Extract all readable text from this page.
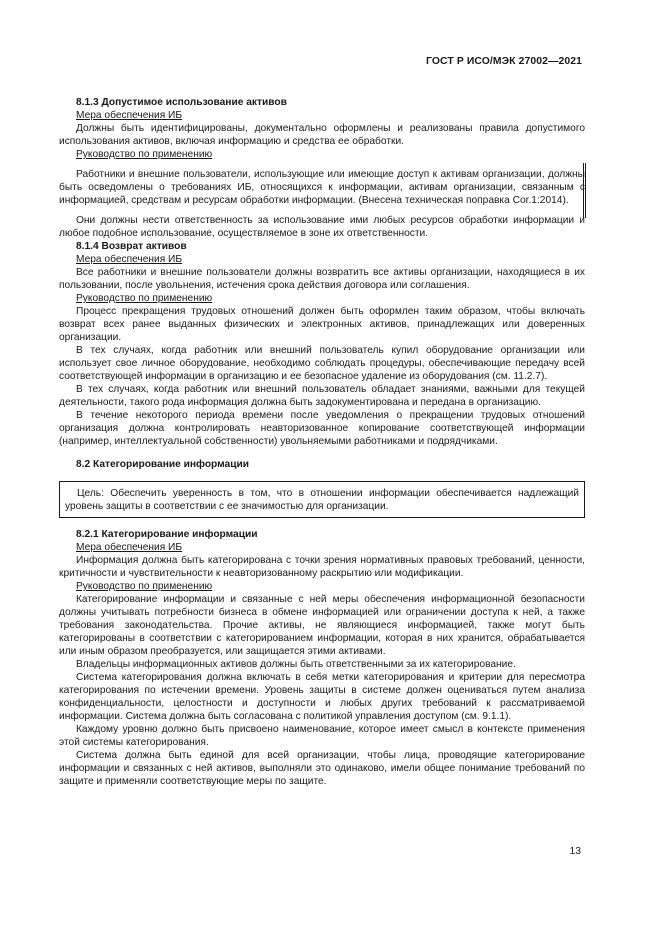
ГОСТ Р ИСО/МЭК 27002—2021

8.1.3 Допустимое использование активов

Мера обеспечения ИБ

Должны быть идентифицированы, документально оформлены и реализованы правила допустимого использования активов, включая информацию и средства ее обработки.

Руководство по применению

Работники и внешние пользователи, использующие или имеющие доступ к активам организации, должны быть осведомлены о требованиях ИБ, относящихся к информации, активам организации, связанным с информацией, средствам и ресурсам обработки информации. (Внесена техническая поправка Cor.1:2014).

Они должны нести ответственность за использование ими любых ресурсов обработки информации и любое подобное использование, осуществляемое в зоне их ответственности.

8.1.4 Возврат активов

Мера обеспечения ИБ

Все работники и внешние пользователи должны возвратить все активы организации, находящиеся в их пользовании, после увольнения, истечения срока действия договора или соглашения.

Руководство по применению

Процесс прекращения трудовых отношений должен быть оформлен таким образом, чтобы включать возврат всех ранее выданных физических и электронных активов, принадлежащих или доверенных организации.

В тех случаях, когда работник или внешний пользователь купил оборудование организации или использует свое личное оборудование, необходимо соблюдать процедуры, обеспечивающие передачу всей соответствующей информации в организацию и ее безопасное удаление из оборудования (см. 11.2.7).

В тех случаях, когда работник или внешний пользователь обладает знаниями, важными для текущей деятельности, такого рода информация должна быть задокументирована и передана в организацию.

В течение некоторого периода времени после уведомления о прекращении трудовых отношений организация должна контролировать неавторизованное копирование соответствующей информации (например, интеллектуальной собственности) увольняемыми работниками и подрядчиками.

8.2 Категорирование информации

Цель: Обеспечить уверенность в том, что в отношении информации обеспечивается надлежащий уровень защиты в соответствии с ее значимостью для организации.

8.2.1 Категорирование информации

Мера обеспечения ИБ

Информация должна быть категорирована с точки зрения нормативных правовых требований, ценности, критичности и чувствительности к неавторизованному раскрытию или модификации.

Руководство по применению

Категорирование информации и связанные с ней меры обеспечения информационной безопасности должны учитывать потребности бизнеса в обмене информацией или ограничении доступа к ней, а также требования законодательства. Прочие активы, не являющиеся информацией, также могут быть категорированы в соответствии с категорированием информации, которая в них хранится, обрабатывается или иным образом преобразуется, или защищается этими активами.

Владельцы информационных активов должны быть ответственными за их категорирование.

Система категорирования должна включать в себя метки категорирования и критерии для пересмотра категорирования по истечении времени. Уровень защиты в системе должен оцениваться путем анализа конфиденциальности, целостности и доступности и любых других требований к рассматриваемой информации. Система должна быть согласована с политикой управления доступом (см. 9.1.1).

Каждому уровню должно быть присвоено наименование, которое имеет смысл в контексте применения этой системы категорирования.

Система должна быть единой для всей организации, чтобы лица, проводящие категорирование информации и связанных с ней активов, выполняли это одинаково, имели общее понимание требований по защите и применяли соответствующие меры по защите.

13
